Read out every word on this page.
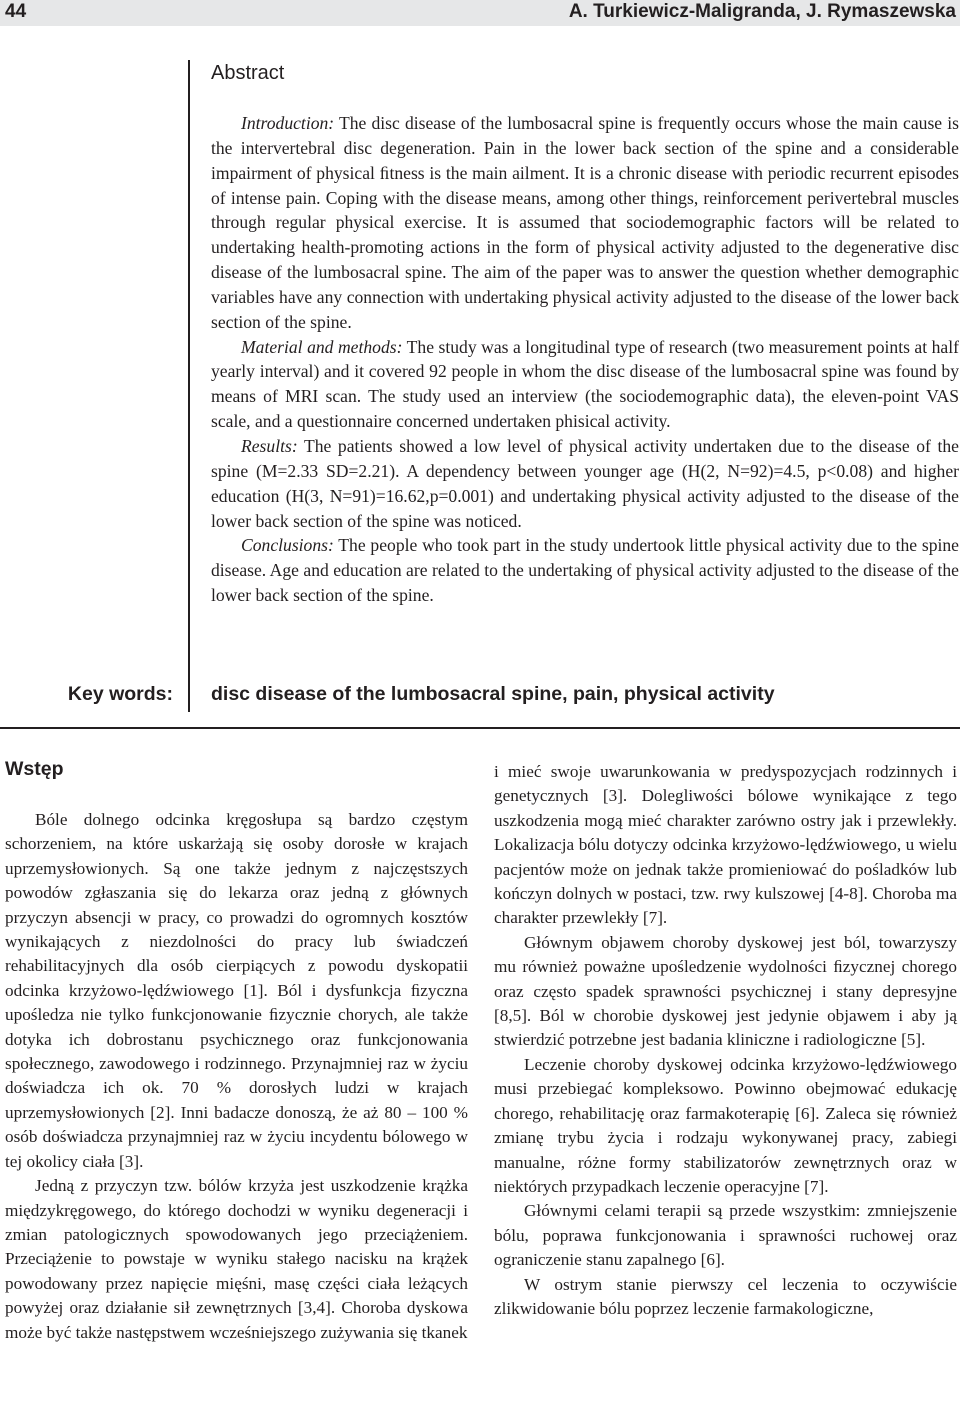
44	A. Turkiewicz-Maligranda, J. Rymaszewska
Abstract

Introduction: The disc disease of the lumbosacral spine is frequently occurs whose the main cause is the intervertebral disc degeneration. Pain in the lower back section of the spine and a considerable impairment of physical ﬁtness is the main ailment. It is a chronic disease with periodic recurrent episodes of intense pain. Coping with the disease means, among other things, reinforcement perivertebral muscles through regular physical exercise. It is assumed that sociodemographic factors will be related to undertaking health-promoting actions in the form of physical activity adjusted to the degenerative disc disease of the lumbosacral spine. The aim of the paper was to answer the question whether demographic variables have any connection with undertaking physical activity adjusted to the disease of the lower back section of the spine.

Material and methods: The study was a longitudinal type of research (two measurement points at half yearly interval) and it covered 92 people in whom the disc disease of the lumbosacral spine was found by means of MRI scan. The study used an interview (the sociodemographic data), the eleven-point VAS scale, and a questionnaire concerned undertaken phisical activity.

Results: The patients showed a low level of physical activity undertaken due to the disease of the spine (M=2.33 SD=2.21). A dependency between younger age (H(2, N=92)=4.5, p<0.08) and higher education (H(3, N=91)=16.62,p=0.001) and undertaking physical activity adjusted to the disease of the lower back section of the spine was noticed.

Conclusions: The people who took part in the study undertook little physical activity due to the spine disease. Age and education are related to the undertaking of physical activity adjusted to the disease of the lower back section of the spine.

Key words: disc disease of the lumbosacral spine, pain, physical activity
Wstęp

Bóle dolnego odcinka kręgosłupa są bardzo częstym schorzeniem, na które uskarżają się osoby dorosłe w krajach uprzemysłowionych. Są one także jednym z najczęstszych powodów zgłaszania się do lekarza oraz jedną z głównych przyczyn absencji w pracy, co prowadzi do ogromnych kosztów wynikających z niezdolności do pracy lub świadczeń rehabilitacyjnych dla osób cierpiących z powodu dyskopatii odcinka krzyżowo-lędźwiowego [1]. Ból i dysfunkcja ﬁzyczna upośledza nie tylko funkcjonowanie ﬁzycznie chorych, ale także dotyka ich dobrostanu psychicznego oraz funkcjonowania społecznego, zawodowego i rodzinnego. Przynajmniej raz w życiu doświadcza ich ok. 70 % dorosłych ludzi w krajach uprzemysłowionych [2]. Inni badacze donoszą, że aż 80 – 100 % osób doświadcza przynajmniej raz w życiu incydentu bólowego w tej okolicy ciała [3].

Jedną z przyczyn tzw. bólów krzyża jest uszkodzenie krążka międzykręgowego, do którego dochodzi w wyniku degeneracji i zmian patologicznych spowodowanych jego przeciążeniem. Przeciążenie to powstaje w wyniku stałego nacisku na krążek powodowany przez napięcie mięśni, masę części ciała leżących powyżej oraz działanie sił zewnętrznych [3,4]. Choroba dyskowa może być także następstwem wcześniejszego zużywania się tkanek

i mieć swoje uwarunkowania w predyspozycjach rodzinnych i genetycznych [3]. Dolegliwości bólowe wynikające z tego uszkodzenia mogą mieć charakter zarówno ostry jak i przewlekły. Lokalizacja bólu dotyczy odcinka krzyżowo-lędźwiowego, u wielu pacjentów może on jednak także promieniować do pośladków lub kończyn dolnych w postaci, tzw. rwy kulszowej [4-8]. Choroba ma charakter przewlekły [7].

Głównym objawem choroby dyskowej jest ból, towarzyszy mu również poważne upośledzenie wydolności ﬁzycznej chorego oraz często spadek sprawności psychicznej i stany depresyjne [8,5]. Ból w chorobie dyskowej jest jedynie objawem i aby ją stwierdzić potrzebne jest badania kliniczne i radiologiczne [5].

Leczenie choroby dyskowej odcinka krzyżowo-lędźwiowego musi przebiegać kompleksowo. Powinno obejmować edukację chorego, rehabilitację oraz farmakoterapię [6]. Zaleca się również zmianę trybu życia i rodzaju wykonywanej pracy, zabiegi manualne, różne formy stabilizatorów zewnętrznych oraz w niektórych przypadkach leczenie operacyjne [7].

Głównymi celami terapii są przede wszystkim: zmniejszenie bólu, poprawa funkcjonowania i sprawności ruchowej oraz ograniczenie stanu zapalnego [6].

W ostrym stanie pierwszy cel leczenia to oczywiście zlikwidowanie bólu poprzez leczenie farmakologiczne,
